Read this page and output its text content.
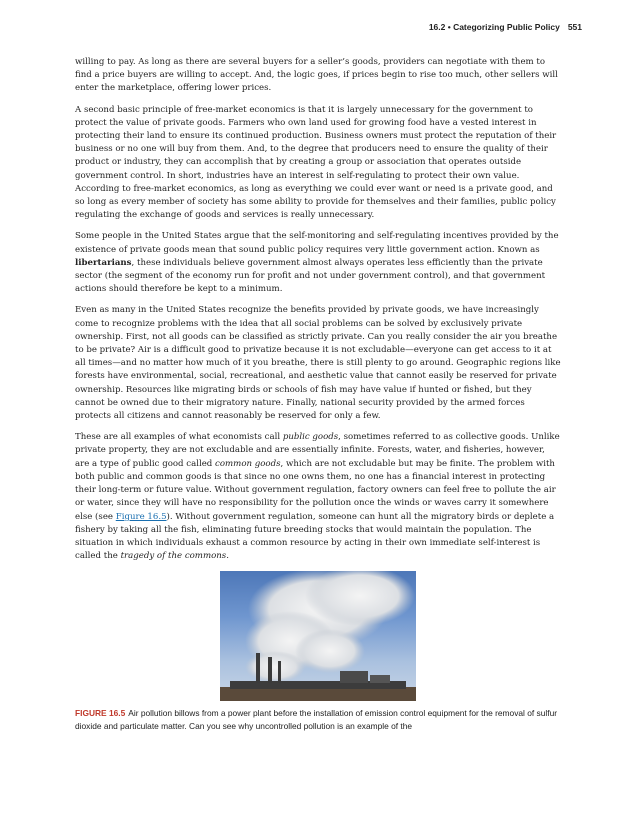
16.2 • Categorizing Public Policy 551

willing to pay. As long as there are several buyers for a seller’s goods, providers can negotiate with them to find a price buyers are willing to accept. And, the logic goes, if prices begin to rise too much, other sellers will enter the marketplace, offering lower prices.

A second basic principle of free-market economics is that it is largely unnecessary for the government to protect the value of private goods. Farmers who own land used for growing food have a vested interest in protecting their land to ensure its continued production. Business owners must protect the reputation of their business or no one will buy from them. And, to the degree that producers need to ensure the quality of their product or industry, they can accomplish that by creating a group or association that operates outside government control. In short, industries have an interest in self-regulating to protect their own value. According to free-market economics, as long as everything we could ever want or need is a private good, and so long as every member of society has some ability to provide for themselves and their families, public policy regulating the exchange of goods and services is really unnecessary.

Some people in the United States argue that the self-monitoring and self-regulating incentives provided by the existence of private goods mean that sound public policy requires very little government action. Known as libertarians, these individuals believe government almost always operates less efficiently than the private sector (the segment of the economy run for profit and not under government control), and that government actions should therefore be kept to a minimum.

Even as many in the United States recognize the benefits provided by private goods, we have increasingly come to recognize problems with the idea that all social problems can be solved by exclusively private ownership. First, not all goods can be classified as strictly private. Can you really consider the air you breathe to be private? Air is a difficult good to privatize because it is not excludable—everyone can get access to it at all times—and no matter how much of it you breathe, there is still plenty to go around. Geographic regions like forests have environmental, social, recreational, and aesthetic value that cannot easily be reserved for private ownership. Resources like migrating birds or schools of fish may have value if hunted or fished, but they cannot be owned due to their migratory nature. Finally, national security provided by the armed forces protects all citizens and cannot reasonably be reserved for only a few.

These are all examples of what economists call public goods, sometimes referred to as collective goods. Unlike private property, they are not excludable and are essentially infinite. Forests, water, and fisheries, however, are a type of public good called common goods, which are not excludable but may be finite. The problem with both public and common goods is that since no one owns them, no one has a financial interest in protecting their long-term or future value. Without government regulation, factory owners can feel free to pollute the air or water, since they will have no responsibility for the pollution once the winds or waves carry it somewhere else (see Figure 16.5). Without government regulation, someone can hunt all the migratory birds or deplete a fishery by taking all the fish, eliminating future breeding stocks that would maintain the population. The situation in which individuals exhaust a common resource by acting in their own immediate self-interest is called the tragedy of the commons.

FIGURE 16.5 Air pollution billows from a power plant before the installation of emission control equipment for the removal of sulfur dioxide and particulate matter. Can you see why uncontrolled pollution is an example of the
